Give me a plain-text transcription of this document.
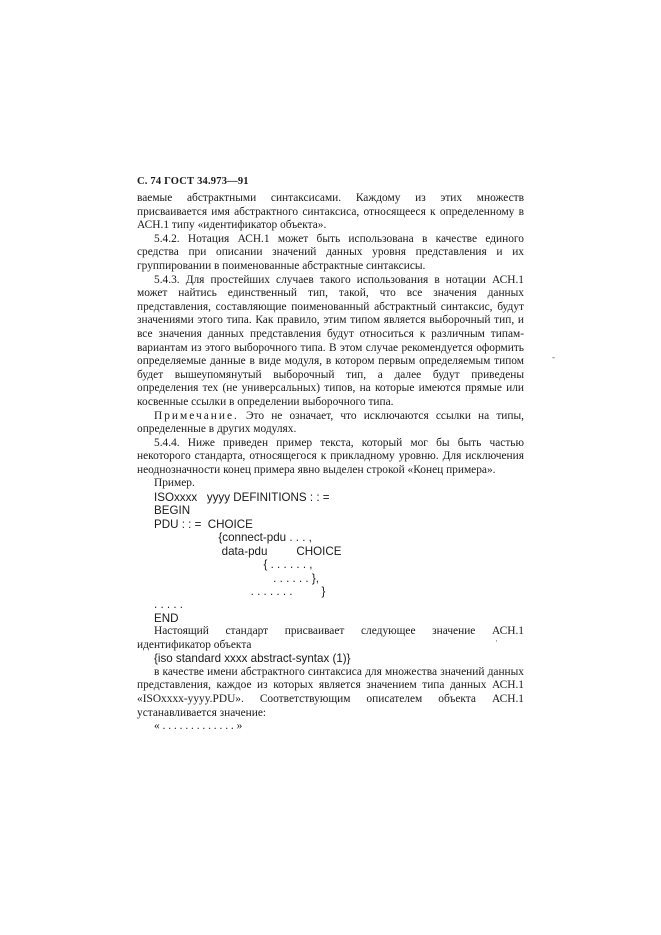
С. 74 ГОСТ 34.973—91

ваемые абстрактными синтаксисами. Каждому из этих множеств присваивается имя абстрактного синтаксиса, относящееся к определенному в АСН.1 типу «идентификатор объекта».

5.4.2. Нотация АСН.1 может быть использована в качестве единого средства при описании значений данных уровня представления и их группировании в поименованные абстрактные синтаксисы.

5.4.3. Для простейших случаев такого использования в нотации АСН.1 может найтись единственный тип, такой, что все значения данных представления, составляющие поименованный абстрактный синтаксис, будут значениями этого типа. Как правило, этим типом является выборочный тип, и все значения данных представления будут относиться к различным типам-вариантам из этого выборочного типа. В этом случае рекомендуется оформить определяемые данные в виде модуля, в котором первым определяемым типом будет вышеупомянутый выборочный тип, а далее будут приведены определения тех (не универсальных) типов, на которые имеются прямые или косвенные ссылки в определении выборочного типа.

Примечание. Это не означает, что исключаются ссылки на типы, определенные в других модулях.

5.4.4. Ниже приведен пример текста, который мог бы быть частью некоторого стандарта, относящегося к прикладному уровню. Для исключения неоднозначности конец примера явно выделен строкой «Конец примера».

Пример.

ISOxxxx   yyyy DEFINITIONS : : =
BEGIN
PDU : : =  CHOICE
{connect-pdu . . . ,
data-pdu         CHOICE
{ . . . . . . ,
. . . . . . },
. . . . . . .         }
. . . . .
END

Настоящий стандарт присваивает следующее значение АСН.1 идентификатор объекта

{iso standard xxxx abstract-syntax (1)}

в качестве имени абстрактного синтаксиса для множества значений данных представления, каждое из которых является значением типа данных АСН.1 «ISOxxxx-yyyy.PDU». Соответствующим описателем объекта АСН.1 устанавливается значение:

« . . . . . . . . . . . . . »

-
·
